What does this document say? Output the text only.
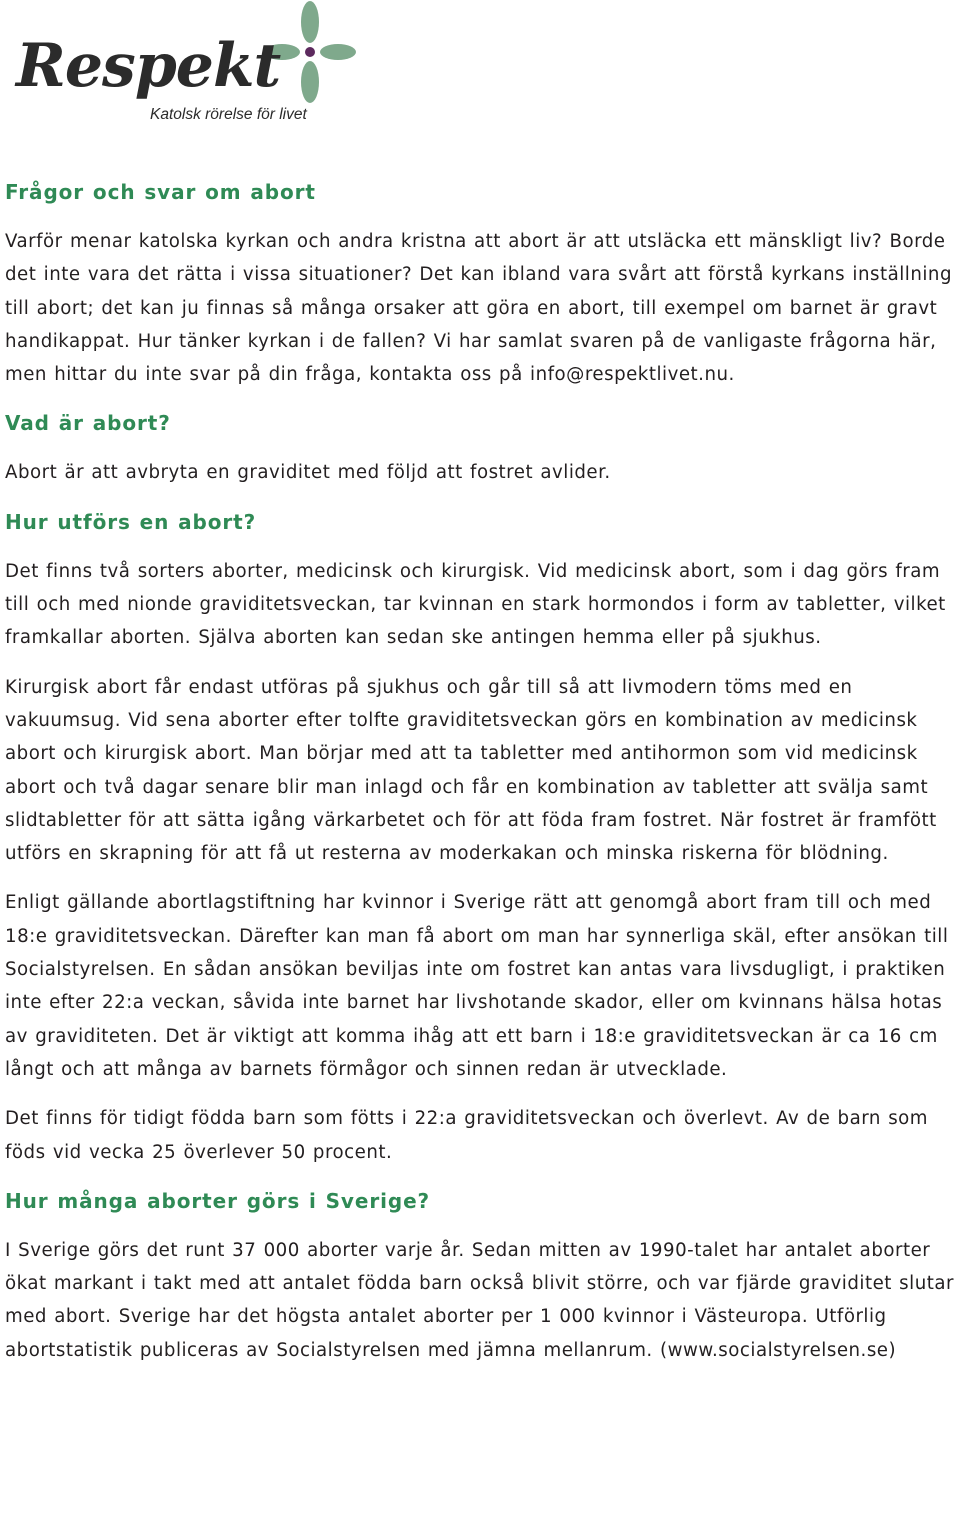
Respekt
Katolsk rörelse för livet
Frågor och svar om abort

Varför menar katolska kyrkan och andra kristna att abort är att utsläcka ett mänskligt liv? Borde det inte vara det rätta i vissa situationer? Det kan ibland vara svårt att förstå kyrkans inställning till abort; det kan ju finnas så många orsaker att göra en abort, till exempel om barnet är gravt handikappat. Hur tänker kyrkan i de fallen? Vi har samlat svaren på de vanligaste frågorna här, men hittar du inte svar på din fråga, kontakta oss på info@respektlivet.nu.

Vad är abort?

Abort är att avbryta en graviditet med följd att fostret avlider.

Hur utförs en abort?

Det finns två sorters aborter, medicinsk och kirurgisk. Vid medicinsk abort, som i dag görs fram till och med nionde graviditetsveckan, tar kvinnan en stark hormondos i form av tabletter, vilket framkallar aborten. Själva aborten kan sedan ske antingen hemma eller på sjukhus.

Kirurgisk abort får endast utföras på sjukhus och går till så att livmodern töms med en vakuumsug. Vid sena aborter efter tolfte graviditetsveckan görs en kombination av medicinsk abort och kirurgisk abort. Man börjar med att ta tabletter med antihormon som vid medicinsk abort och två dagar senare blir man inlagd och får en kombination av tabletter att svälja samt slidtabletter för att sätta igång värkarbetet och för att föda fram fostret. När fostret är framfött utförs en skrapning för att få ut resterna av moderkakan och minska riskerna för blödning.

Enligt gällande abortlagstiftning har kvinnor i Sverige rätt att genomgå abort fram till och med 18:e graviditetsveckan. Därefter kan man få abort om man har synnerliga skäl, efter ansökan till Socialstyrelsen. En sådan ansökan beviljas inte om fostret kan antas vara livsdugligt, i praktiken inte efter 22:a veckan, såvida inte barnet har livshotande skador, eller om kvinnans hälsa hotas av graviditeten. Det är viktigt att komma ihåg att ett barn i 18:e graviditetsveckan är ca 16 cm långt och att många av barnets förmågor och sinnen redan är utvecklade.

Det finns för tidigt födda barn som fötts i 22:a graviditetsveckan och överlevt. Av de barn som föds vid vecka 25 överlever 50 procent.

Hur många aborter görs i Sverige?

I Sverige görs det runt 37 000 aborter varje år. Sedan mitten av 1990-talet har antalet aborter ökat markant i takt med att antalet födda barn också blivit större, och var fjärde graviditet slutar med abort. Sverige har det högsta antalet aborter per 1 000 kvinnor i Västeuropa. Utförlig abortstatistik publiceras av Socialstyrelsen med jämna mellanrum. (www.socialstyrelsen.se)
